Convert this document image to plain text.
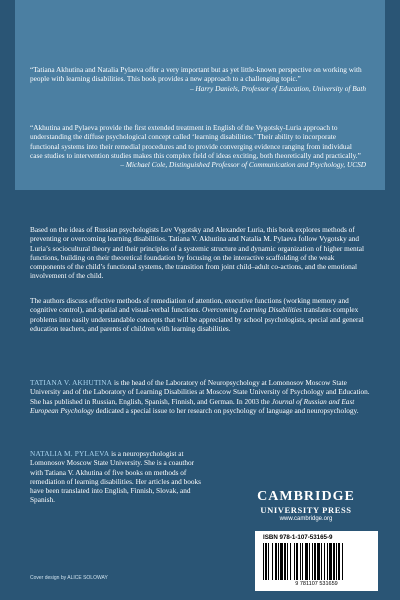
“Tatiana Akhutina and Natalia Pylaeva offer a very important but as yet little-known perspective on working with people with learning disabilities. This book provides a new approach to a challenging topic.”
– Harry Daniels, Professor of Education, University of Bath

“Akhutina and Pylaeva provide the first extended treatment in English of the Vygotsky-Luria approach to understanding the diffuse psychological concept called ‘learning disabilities.’ Their ability to incorporate functional systems into their remedial procedures and to provide converging evidence ranging from individual case studies to intervention studies makes this complex field of ideas exciting, both theoretically and practically.”
– Michael Cole, Distinguished Professor of Communication and Psychology, UCSD

Based on the ideas of Russian psychologists Lev Vygotsky and Alexander Luria, this book explores methods of preventing or overcoming learning disabilities. Tatiana V. Akhutina and Natalia M. Pylaeva follow Vygotsky and Luria’s sociocultural theory and their principles of a systemic structure and dynamic organization of higher mental functions, building on their theoretical foundation by focusing on the interactive scaffolding of the weak components of the child’s functional systems, the transition from joint child–adult co-actions, and the emotional involvement of the child.

The authors discuss effective methods of remediation of attention, executive functions (working memory and cognitive control), and spatial and visual-verbal functions. Overcoming Learning Disabilities translates complex problems into easily understandable concepts that will be appreciated by school psychologists, special and general education teachers, and parents of children with learning disabilities.

TATIANA V. AKHUTINA is the head of the Laboratory of Neuropsychology at Lomonosov Moscow State University and of the Laboratory of Learning Disabilities at Moscow State University of Psychology and Education. She has published in Russian, English, Spanish, Finnish, and German. In 2003 the Journal of Russian and East European Psychology dedicated a special issue to her research on psychology of language and neuropsychology.

NATALIA M. PYLAEVA is a neuropsychologist at Lomonosov Moscow State University. She is a coauthor with Tatiana V. Akhutina of five books on methods of remediation of learning disabilities. Her articles and books have been translated into English, Finnish, Slovak, and Spanish.

Cover design by ALICE SOLOWAY
CAMBRIDGE
UNIVERSITY PRESS
www.cambridge.org
ISBN 978-1-107-53165-9
9 781107 531659
